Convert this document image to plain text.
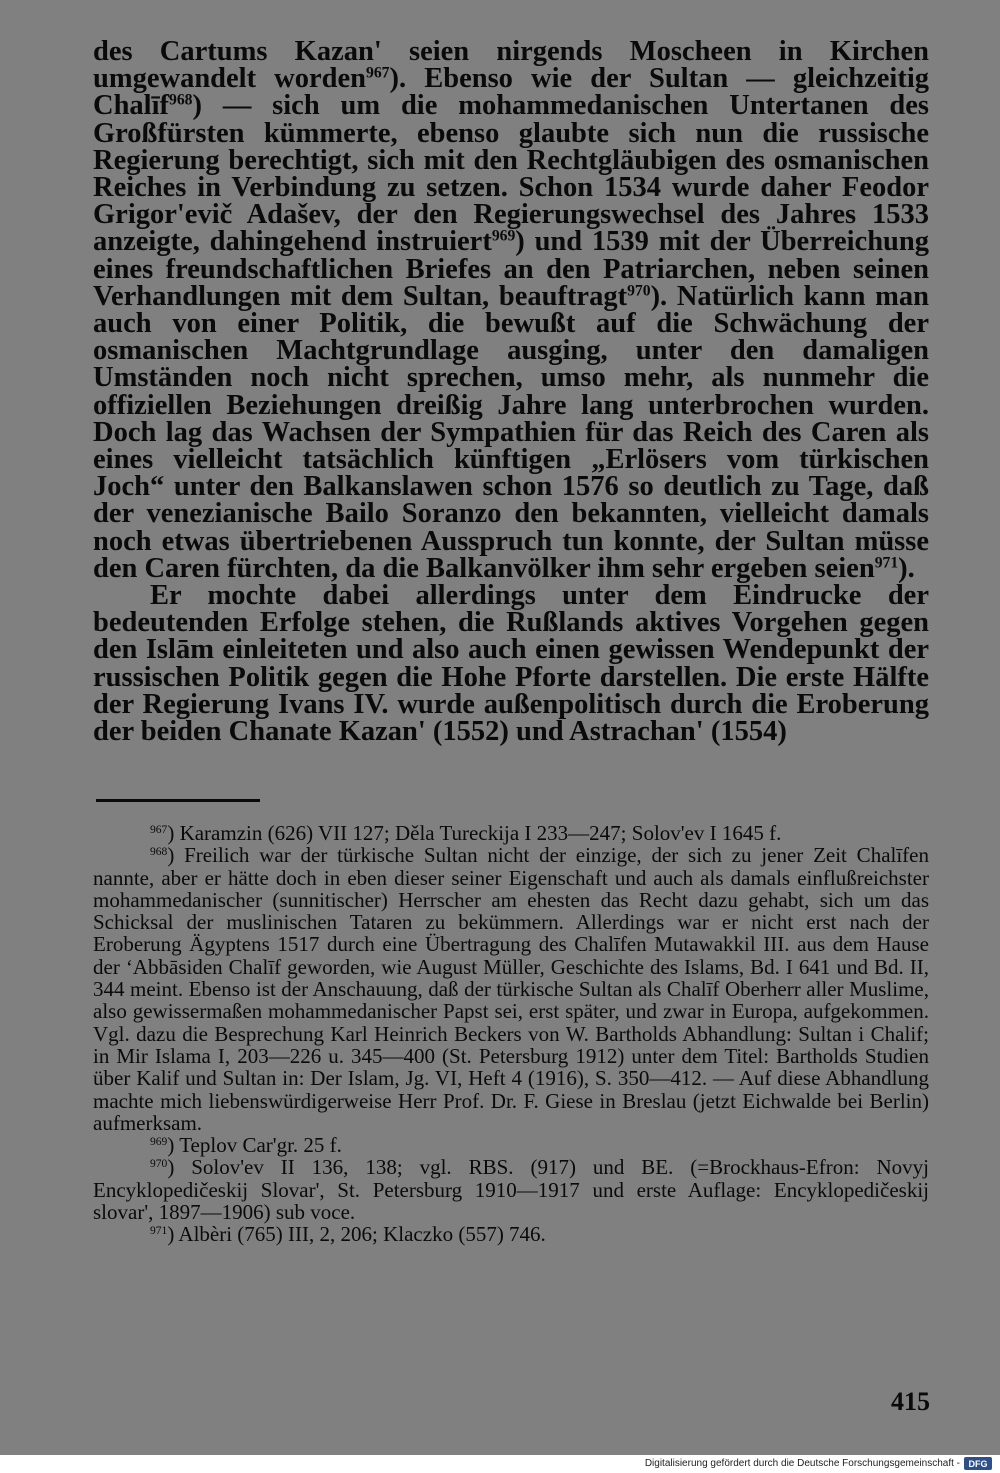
des Cartums Kazan' seien nirgends Moscheen in Kirchen umgewandelt worden$^{967}$). Ebenso wie der Sultan — gleichzeitig Chalīf$^{968}$) — sich um die mohammedanischen Untertanen des Großfürsten kümmerte, ebenso glaubte sich nun die russische Regierung berechtigt, sich mit den Rechtgläubigen des osmanischen Reiches in Verbindung zu setzen. Schon 1534 wurde daher Feodor Grigor'evič Adašev, der den Regierungswechsel des Jahres 1533 anzeigte, dahingehend instruiert$^{969}$) und 1539 mit der Überreichung eines freundschaftlichen Briefes an den Patriarchen, neben seinen Verhandlungen mit dem Sultan, beauftragt$^{970}$). Natürlich kann man auch von einer Politik, die bewußt auf die Schwächung der osmanischen Machtgrundlage ausging, unter den damaligen Umständen noch nicht sprechen, umso mehr, als nunmehr die offiziellen Beziehungen dreißig Jahre lang unterbrochen wurden. Doch lag das Wachsen der Sympathien für das Reich des Caren als eines vielleicht tatsächlich künftigen „Erlösers vom türkischen Joch“ unter den Balkanslawen schon 1576 so deutlich zu Tage, daß der venezianische Bailo Soranzo den bekannten, vielleicht damals noch etwas übertriebenen Ausspruch tun konnte, der Sultan müsse den Caren fürchten, da die Balkanvölker ihm sehr ergeben seien$^{971}$).

Er mochte dabei allerdings unter dem Eindrucke der bedeutenden Erfolge stehen, die Rußlands aktives Vorgehen gegen den Islām einleiteten und also auch einen gewissen Wendepunkt der russischen Politik gegen die Hohe Pforte darstellen. Die erste Hälfte der Regierung Ivans IV. wurde außenpolitisch durch die Eroberung der beiden Chanate Kazan' (1552) und Astrachan' (1554)

$^{967}$) Karamzin (626) VII 127; Děla Tureckija I 233—247; Solov'ev I 1645 f.

$^{968}$) Freilich war der türkische Sultan nicht der einzige, der sich zu jener Zeit Chalīfen nannte, aber er hätte doch in eben dieser seiner Eigenschaft und auch als damals einflußreichster mohammedanischer (sunnitischer) Herrscher am ehesten das Recht dazu gehabt, sich um das Schicksal der muslinischen Tataren zu bekümmern. Allerdings war er nicht erst nach der Eroberung Ägyptens 1517 durch eine Übertragung des Chalīfen Mutawakkil III. aus dem Hause der ‘Abbāsiden Chalīf geworden, wie August Müller, Geschichte des Islams, Bd. I 641 und Bd. II, 344 meint. Ebenso ist der Anschauung, daß der türkische Sultan als Chalīf Oberherr aller Muslime, also gewissermaßen mohammedanischer Papst sei, erst später, und zwar in Europa, aufgekommen. Vgl. dazu die Besprechung Karl Heinrich Beckers von W. Bartholds Abhandlung: Sultan i Chalif; in Mir Islama I, 203—226 u. 345—400 (St. Petersburg 1912) unter dem Titel: Bartholds Studien über Kalif und Sultan in: Der Islam, Jg. VI, Heft 4 (1916), S. 350—412. — Auf diese Abhandlung machte mich liebenswürdigerweise Herr Prof. Dr. F. Giese in Breslau (jetzt Eichwalde bei Berlin) aufmerksam.

$^{969}$) Teplov Car'gr. 25 f.

$^{970}$) Solov'ev II 136, 138; vgl. RBS. (917) und BE. (=Brockhaus-Efron: Novyj Encyklopedičeskij Slovar', St. Petersburg 1910—1917 und erste Auflage: Encyklopedičeskij slovar', 1897—1906) sub voce.

$^{971}$) Albèri (765) III, 2, 206; Klaczko (557) 746.

415
Digitalisierung gefördert durch die Deutsche Forschungsgemeinschaft - DFG
